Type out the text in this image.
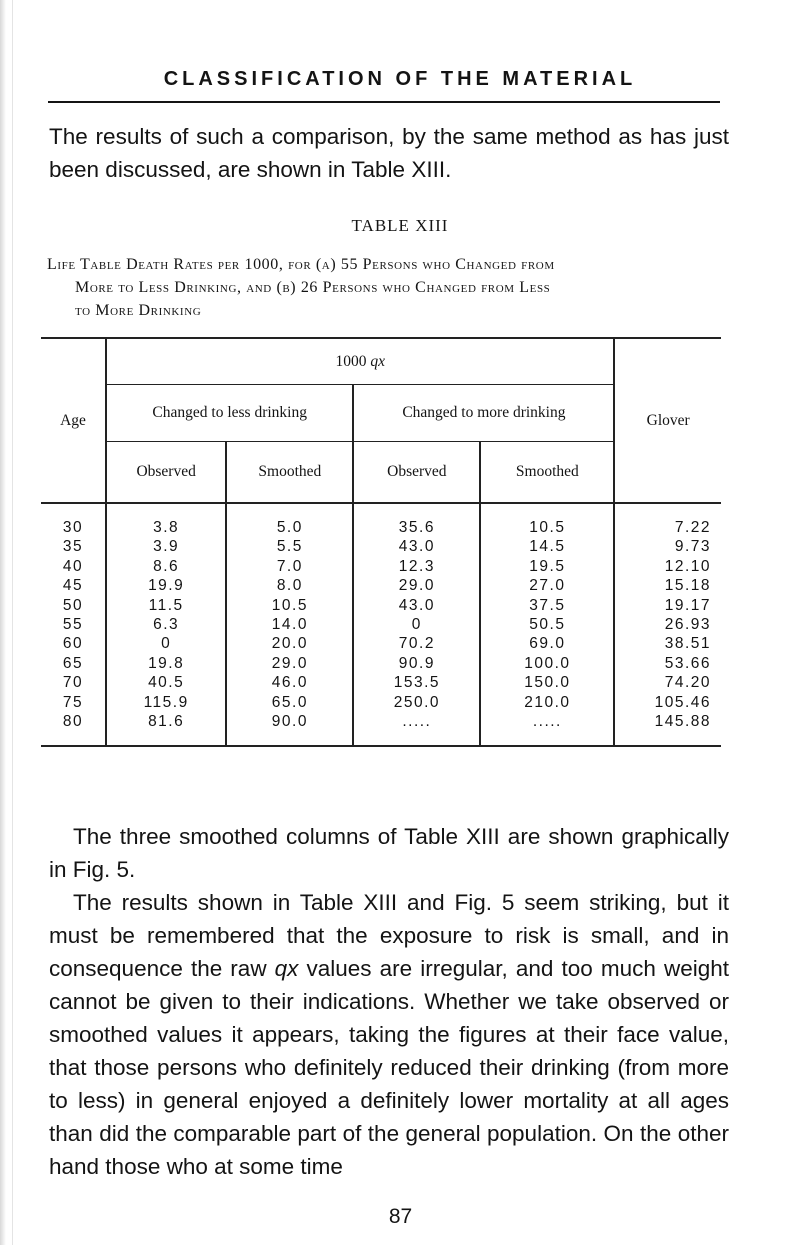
CLASSIFICATION OF THE MATERIAL

The results of such a comparison, by the same method as has just been discussed, are shown in Table XIII.

TABLE XIII

Life Table Death Rates per 1000, for (a) 55 Persons who Changed from
More to Less Drinking, and (b) 26 Persons who Changed from Less
to More Drinking

Age	1000 qx				Glover
	Changed to less drinking		Changed to more drinking		
	Observed	Smoothed	Observed	Smoothed	
30	3.8	5.0	35.6	10.5	7.22
35	3.9	5.5	43.0	14.5	9.73
40	8.6	7.0	12.3	19.5	12.10
45	19.9	8.0	29.0	27.0	15.18
50	11.5	10.5	43.0	37.5	19.17
55	6.3	14.0	0	50.5	26.93
60	0	20.0	70.2	69.0	38.51
65	19.8	29.0	90.9	100.0	53.66
70	40.5	46.0	153.5	150.0	74.20
75	115.9	65.0	250.0	210.0	105.46
80	81.6	90.0	.....	.....	145.88

The three smoothed columns of Table XIII are shown graphically in Fig. 5.

The results shown in Table XIII and Fig. 5 seem striking, but it must be remembered that the exposure to risk is small, and in consequence the raw qx values are irregular, and too much weight cannot be given to their indications. Whether we take observed or smoothed values it appears, taking the figures at their face value, that those persons who definitely reduced their drinking (from more to less) in general enjoyed a definitely lower mortality at all ages than did the comparable part of the general population. On the other hand those who at some time

87
